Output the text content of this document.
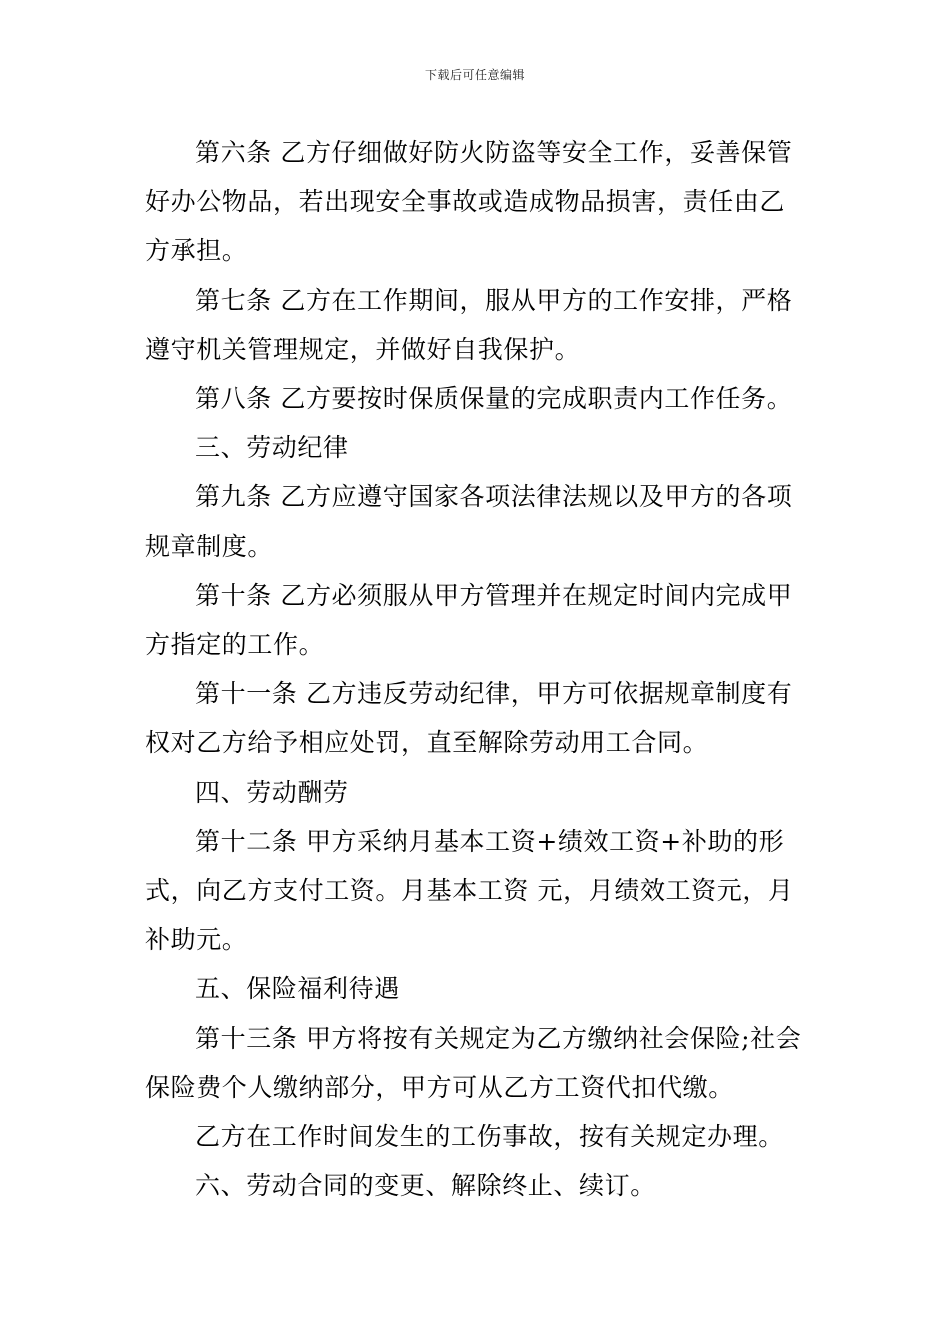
下载后可任意编辑

第六条 乙方仔细做好防火防盗等安全工作，妥善保管好办公物品，若出现安全事故或造成物品损害，责任由乙方承担。

第七条 乙方在工作期间，服从甲方的工作安排，严格遵守机关管理规定，并做好自我保护。

第八条 乙方要按时保质保量的完成职责内工作任务。

三、劳动纪律

第九条 乙方应遵守国家各项法律法规以及甲方的各项规章制度。

第十条 乙方必须服从甲方管理并在规定时间内完成甲方指定的工作。

第十一条 乙方违反劳动纪律，甲方可依据规章制度有权对乙方给予相应处罚，直至解除劳动用工合同。

四、劳动酬劳

第十二条 甲方采纳月基本工资+绩效工资+补助的形式，向乙方支付工资。月基本工资 元，月绩效工资元，月补助元。

五、保险福利待遇

第十三条 甲方将按有关规定为乙方缴纳社会保险;社会保险费个人缴纳部分，甲方可从乙方工资代扣代缴。

乙方在工作时间发生的工伤事故，按有关规定办理。

六、劳动合同的变更、解除终止、续订。
